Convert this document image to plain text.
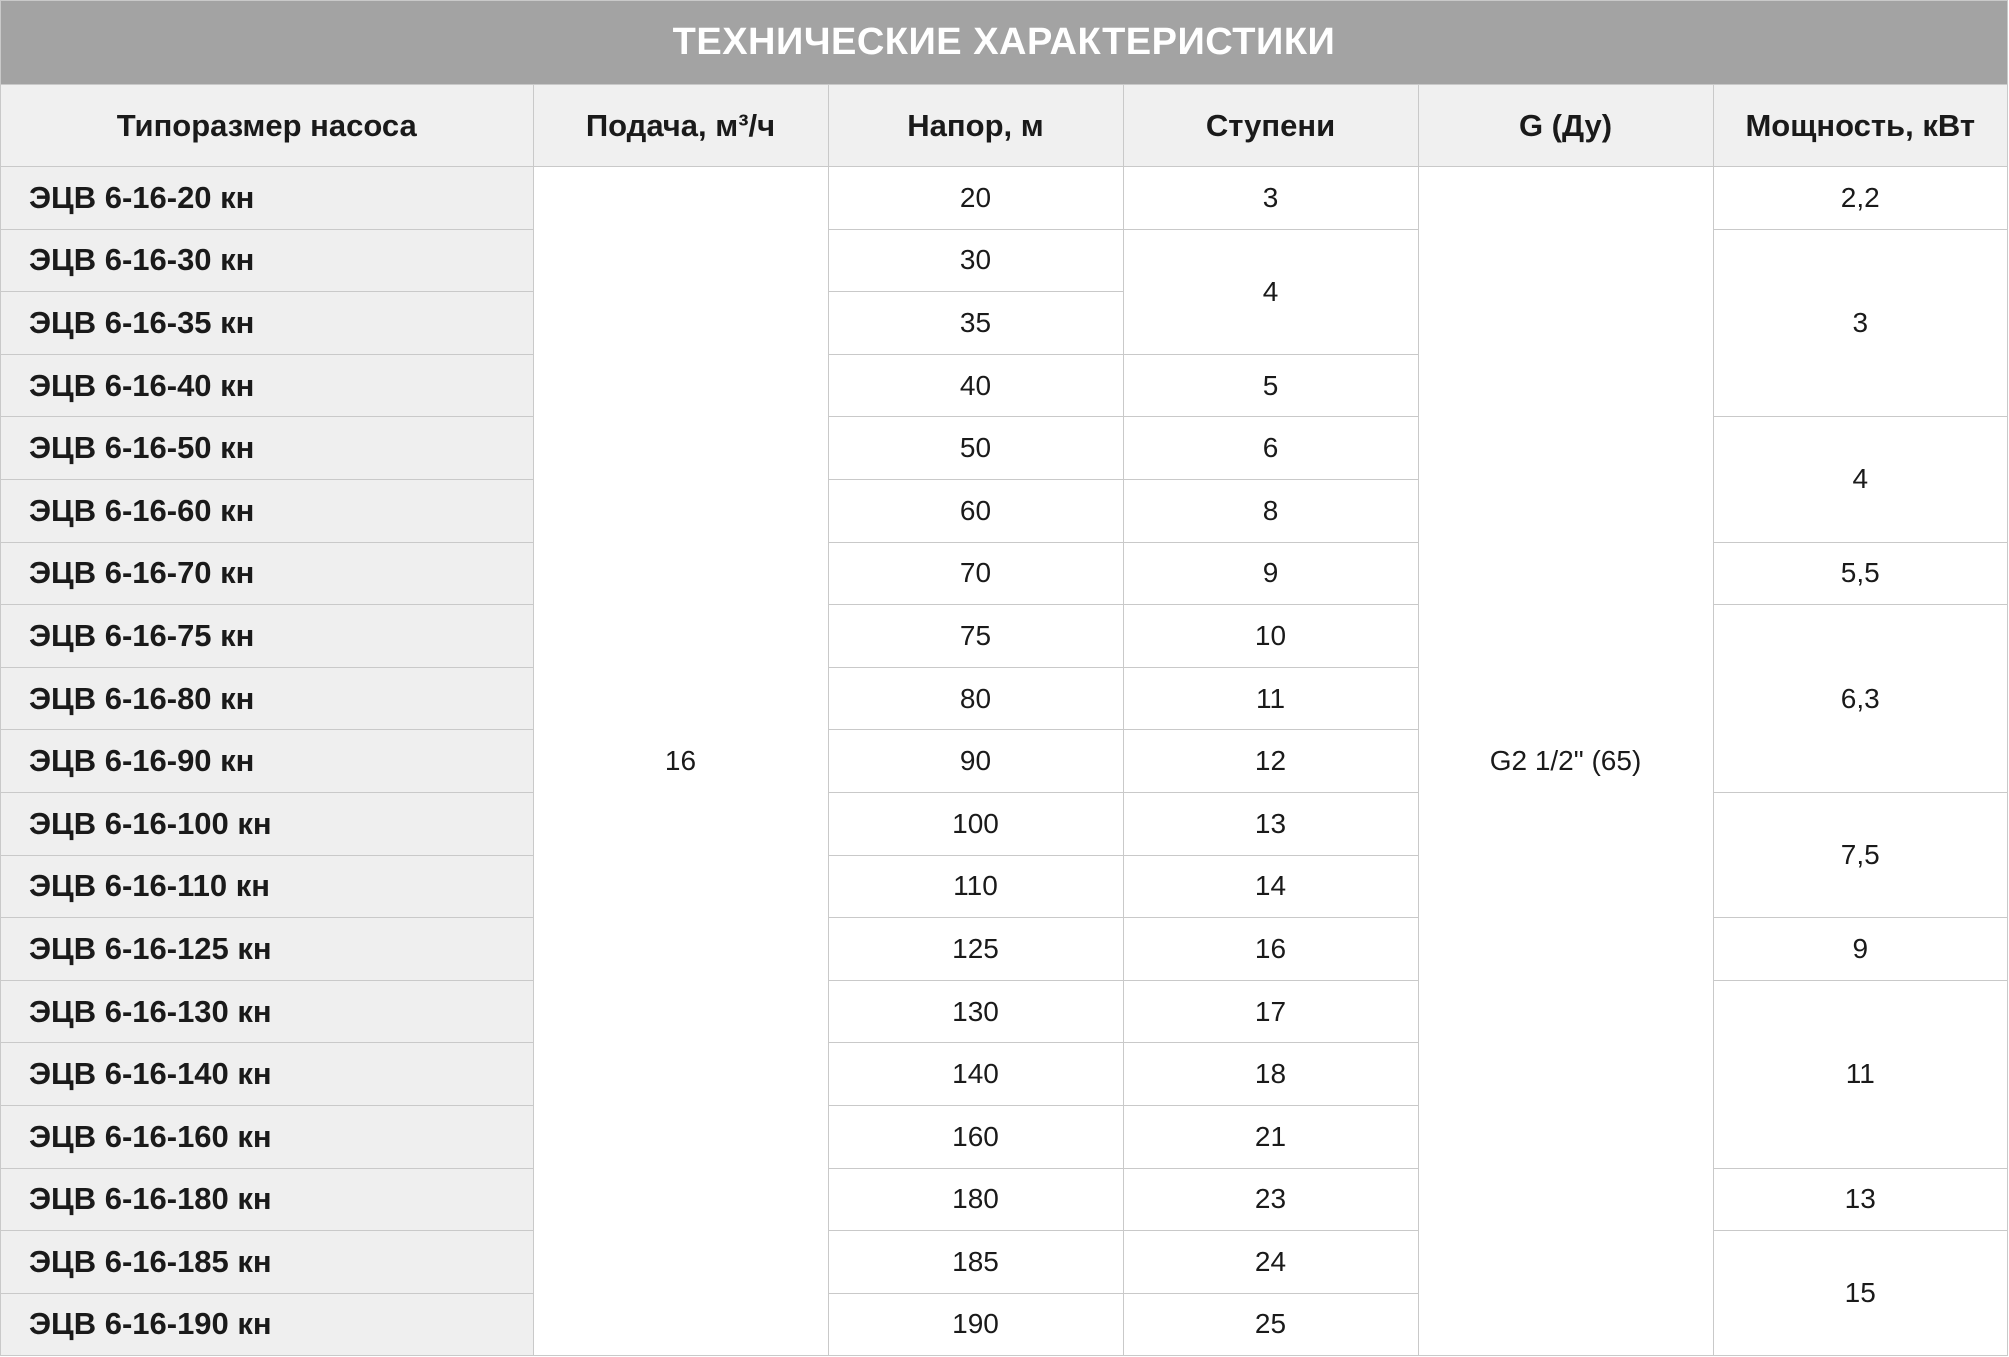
ТЕХНИЧЕСКИЕ ХАРАКТЕРИСТИКИ
Типоразмер насоса	Подача, м³/ч	Напор, м	Ступени	G (Ду)	Мощность, кВт
ЭЦВ 6-16-20 кн	16	20	3	G2 1/2" (65)	2,2
ЭЦВ 6-16-30 кн		30	4		3
ЭЦВ 6-16-35 кн		35			
ЭЦВ 6-16-40 кн		40	5		
ЭЦВ 6-16-50 кн		50	6		4
ЭЦВ 6-16-60 кн		60	8		
ЭЦВ 6-16-70 кн		70	9		5,5
ЭЦВ 6-16-75 кн		75	10		6,3
ЭЦВ 6-16-80 кн		80	11		
ЭЦВ 6-16-90 кн		90	12		
ЭЦВ 6-16-100 кн		100	13		7,5
ЭЦВ 6-16-110 кн		110	14		
ЭЦВ 6-16-125 кн		125	16		9
ЭЦВ 6-16-130 кн		130	17		11
ЭЦВ 6-16-140 кн		140	18		
ЭЦВ 6-16-160 кн		160	21		
ЭЦВ 6-16-180 кн		180	23		13
ЭЦВ 6-16-185 кн		185	24		15
ЭЦВ 6-16-190 кн		190	25		
